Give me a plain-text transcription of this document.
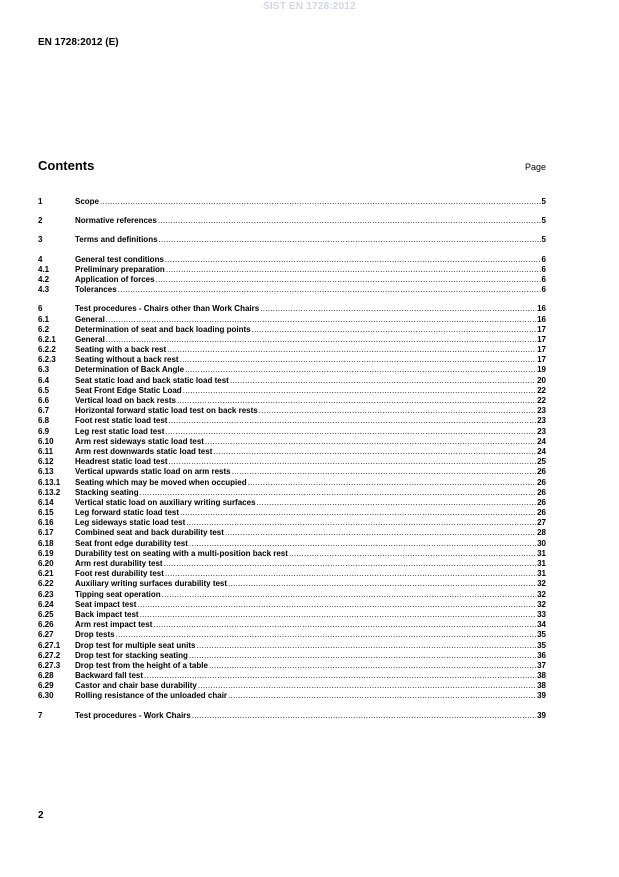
SIST EN 1728:2012
EN 1728:2012 (E)
Contents	Page
1	Scope .....	5
2	Normative references .....	5
3	Terms and definitions .....	5
4	General test conditions .....	6
4.1	Preliminary preparation .....	6
4.2	Application of forces .....	6
4.3	Tolerances .....	6
6	Test procedures - Chairs other than Work Chairs .....	16
6.1	General .....	16
6.2	Determination of seat and back loading points .....	17
6.2.1	General .....	17
6.2.2	Seating with a back rest .....	17
6.2.3	Seating without a back rest .....	17
6.3	Determination of Back Angle .....	19
6.4	Seat static load and back static load test .....	20
6.5	Seat Front Edge Static Load .....	22
6.6	Vertical load on back rests .....	22
6.7	Horizontal forward static load test on back rests .....	23
6.8	Foot rest static load test .....	23
6.9	Leg rest static load test .....	23
6.10	Arm rest sideways static load test .....	24
6.11	Arm rest downwards static load test .....	24
6.12	Headrest static load test .....	25
6.13	Vertical upwards static load on arm rests .....	26
6.13.1	Seating which may be moved when occupied .....	26
6.13.2	Stacking seating .....	26
6.14	Vertical static load on auxiliary writing surfaces .....	26
6.15	Leg forward static load test .....	26
6.16	Leg sideways static load test .....	27
6.17	Combined seat and back durability test .....	28
6.18	Seat front edge durability test .....	30
6.19	Durability test on seating with a multi-position back rest .....	31
6.20	Arm rest durability test .....	31
6.21	Foot rest durability test .....	31
6.22	Auxiliary writing surfaces durability test .....	32
6.23	Tipping seat operation .....	32
6.24	Seat impact test .....	32
6.25	Back impact test .....	33
6.26	Arm rest impact test .....	34
6.27	Drop tests .....	35
6.27.1	Drop test for multiple seat units .....	35
6.27.2	Drop test for stacking seating .....	36
6.27.3	Drop test from the height of a table .....	37
6.28	Backward fall test .....	38
6.29	Castor and chair base durability .....	38
6.30	Rolling resistance of the unloaded chair .....	39
7	Test procedures - Work Chairs .....	39
2
